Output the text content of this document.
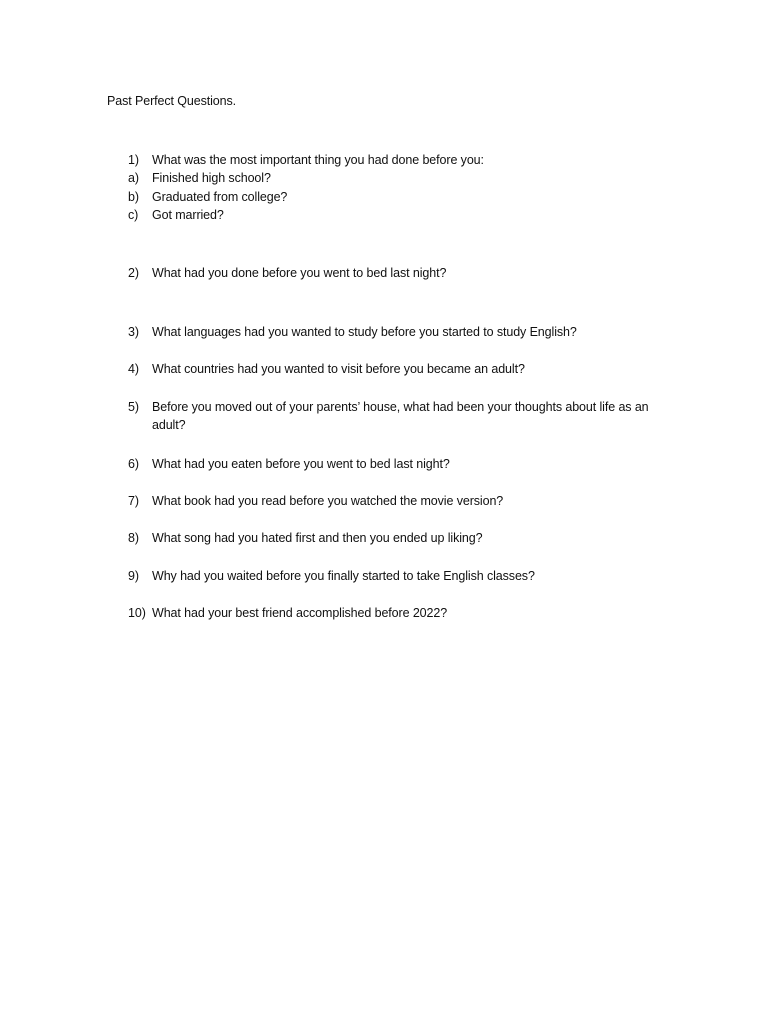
Past Perfect Questions.
1)	What was the most important thing you had done before you:
a)	Finished high school?
b)	Graduated from college?
c)	Got married?
2)	What had you done before you went to bed last night?
3)	What languages had you wanted to study before you started to study English?
4)	What countries had you wanted to visit before you became an adult?
5)	Before you moved out of your parents’ house, what had been your thoughts about life as an adult?
6)	What had you eaten before you went to bed last night?
7)	What book had you read before you watched the movie version?
8)	What song had you hated first and then you ended up liking?
9)	Why had you waited before you finally started to take English classes?
10) What had your best friend accomplished before 2022?
